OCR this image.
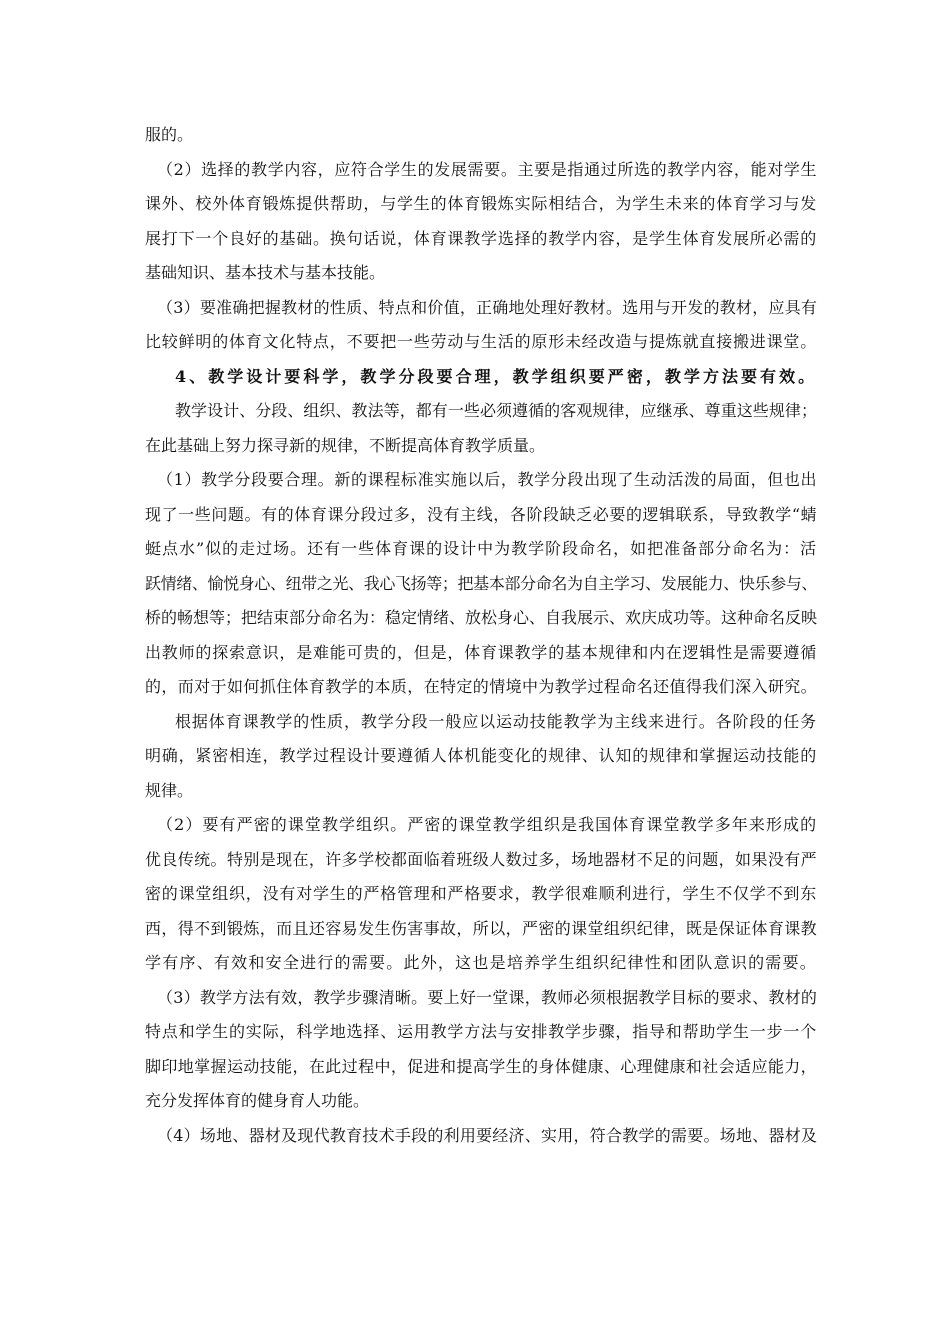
服的。
（2）选择的教学内容，应符合学生的发展需要。主要是指通过所选的教学内容，能对学生
课外、校外体育锻炼提供帮助，与学生的体育锻炼实际相结合，为学生未来的体育学习与发
展打下一个良好的基础。换句话说，体育课教学选择的教学内容，是学生体育发展所必需的
基础知识、基本技术与基本技能。
（3）要准确把握教材的性质、特点和价值，正确地处理好教材。选用与开发的教材，应具有
比较鲜明的体育文化特点，不要把一些劳动与生活的原形未经改造与提炼就直接搬进课堂。
4、教学设计要科学，教学分段要合理，教学组织要严密，教学方法要有效。
教学设计、分段、组织、教法等，都有一些必须遵循的客观规律，应继承、尊重这些规律；
在此基础上努力探寻新的规律，不断提高体育教学质量。
（1）教学分段要合理。新的课程标准实施以后，教学分段出现了生动活泼的局面，但也出
现了一些问题。有的体育课分段过多，没有主线，各阶段缺乏必要的逻辑联系，导致教学“蜻
蜓点水”似的走过场。还有一些体育课的设计中为教学阶段命名，如把准备部分命名为：活
跃情绪、愉悦身心、纽带之光、我心飞扬等；把基本部分命名为自主学习、发展能力、快乐参与、
桥的畅想等；把结束部分命名为：稳定情绪、放松身心、自我展示、欢庆成功等。这种命名反映
出教师的探索意识，是难能可贵的，但是，体育课教学的基本规律和内在逻辑性是需要遵循
的，而对于如何抓住体育教学的本质，在特定的情境中为教学过程命名还值得我们深入研究。
根据体育课教学的性质，教学分段一般应以运动技能教学为主线来进行。各阶段的任务
明确，紧密相连，教学过程设计要遵循人体机能变化的规律、认知的规律和掌握运动技能的
规律。
（2）要有严密的课堂教学组织。严密的课堂教学组织是我国体育课堂教学多年来形成的
优良传统。特别是现在，许多学校都面临着班级人数过多，场地器材不足的问题，如果没有严
密的课堂组织，没有对学生的严格管理和严格要求，教学很难顺利进行，学生不仅学不到东
西，得不到锻炼，而且还容易发生伤害事故，所以，严密的课堂组织纪律，既是保证体育课教
学有序、有效和安全进行的需要。此外，这也是培养学生组织纪律性和团队意识的需要。
（3）教学方法有效，教学步骤清晰。要上好一堂课，教师必须根据教学目标的要求、教材的
特点和学生的实际，科学地选择、运用教学方法与安排教学步骤，指导和帮助学生一步一个
脚印地掌握运动技能，在此过程中，促进和提高学生的身体健康、心理健康和社会适应能力，
充分发挥体育的健身育人功能。
（4）场地、器材及现代教育技术手段的利用要经济、实用，符合教学的需要。场地、器材及
